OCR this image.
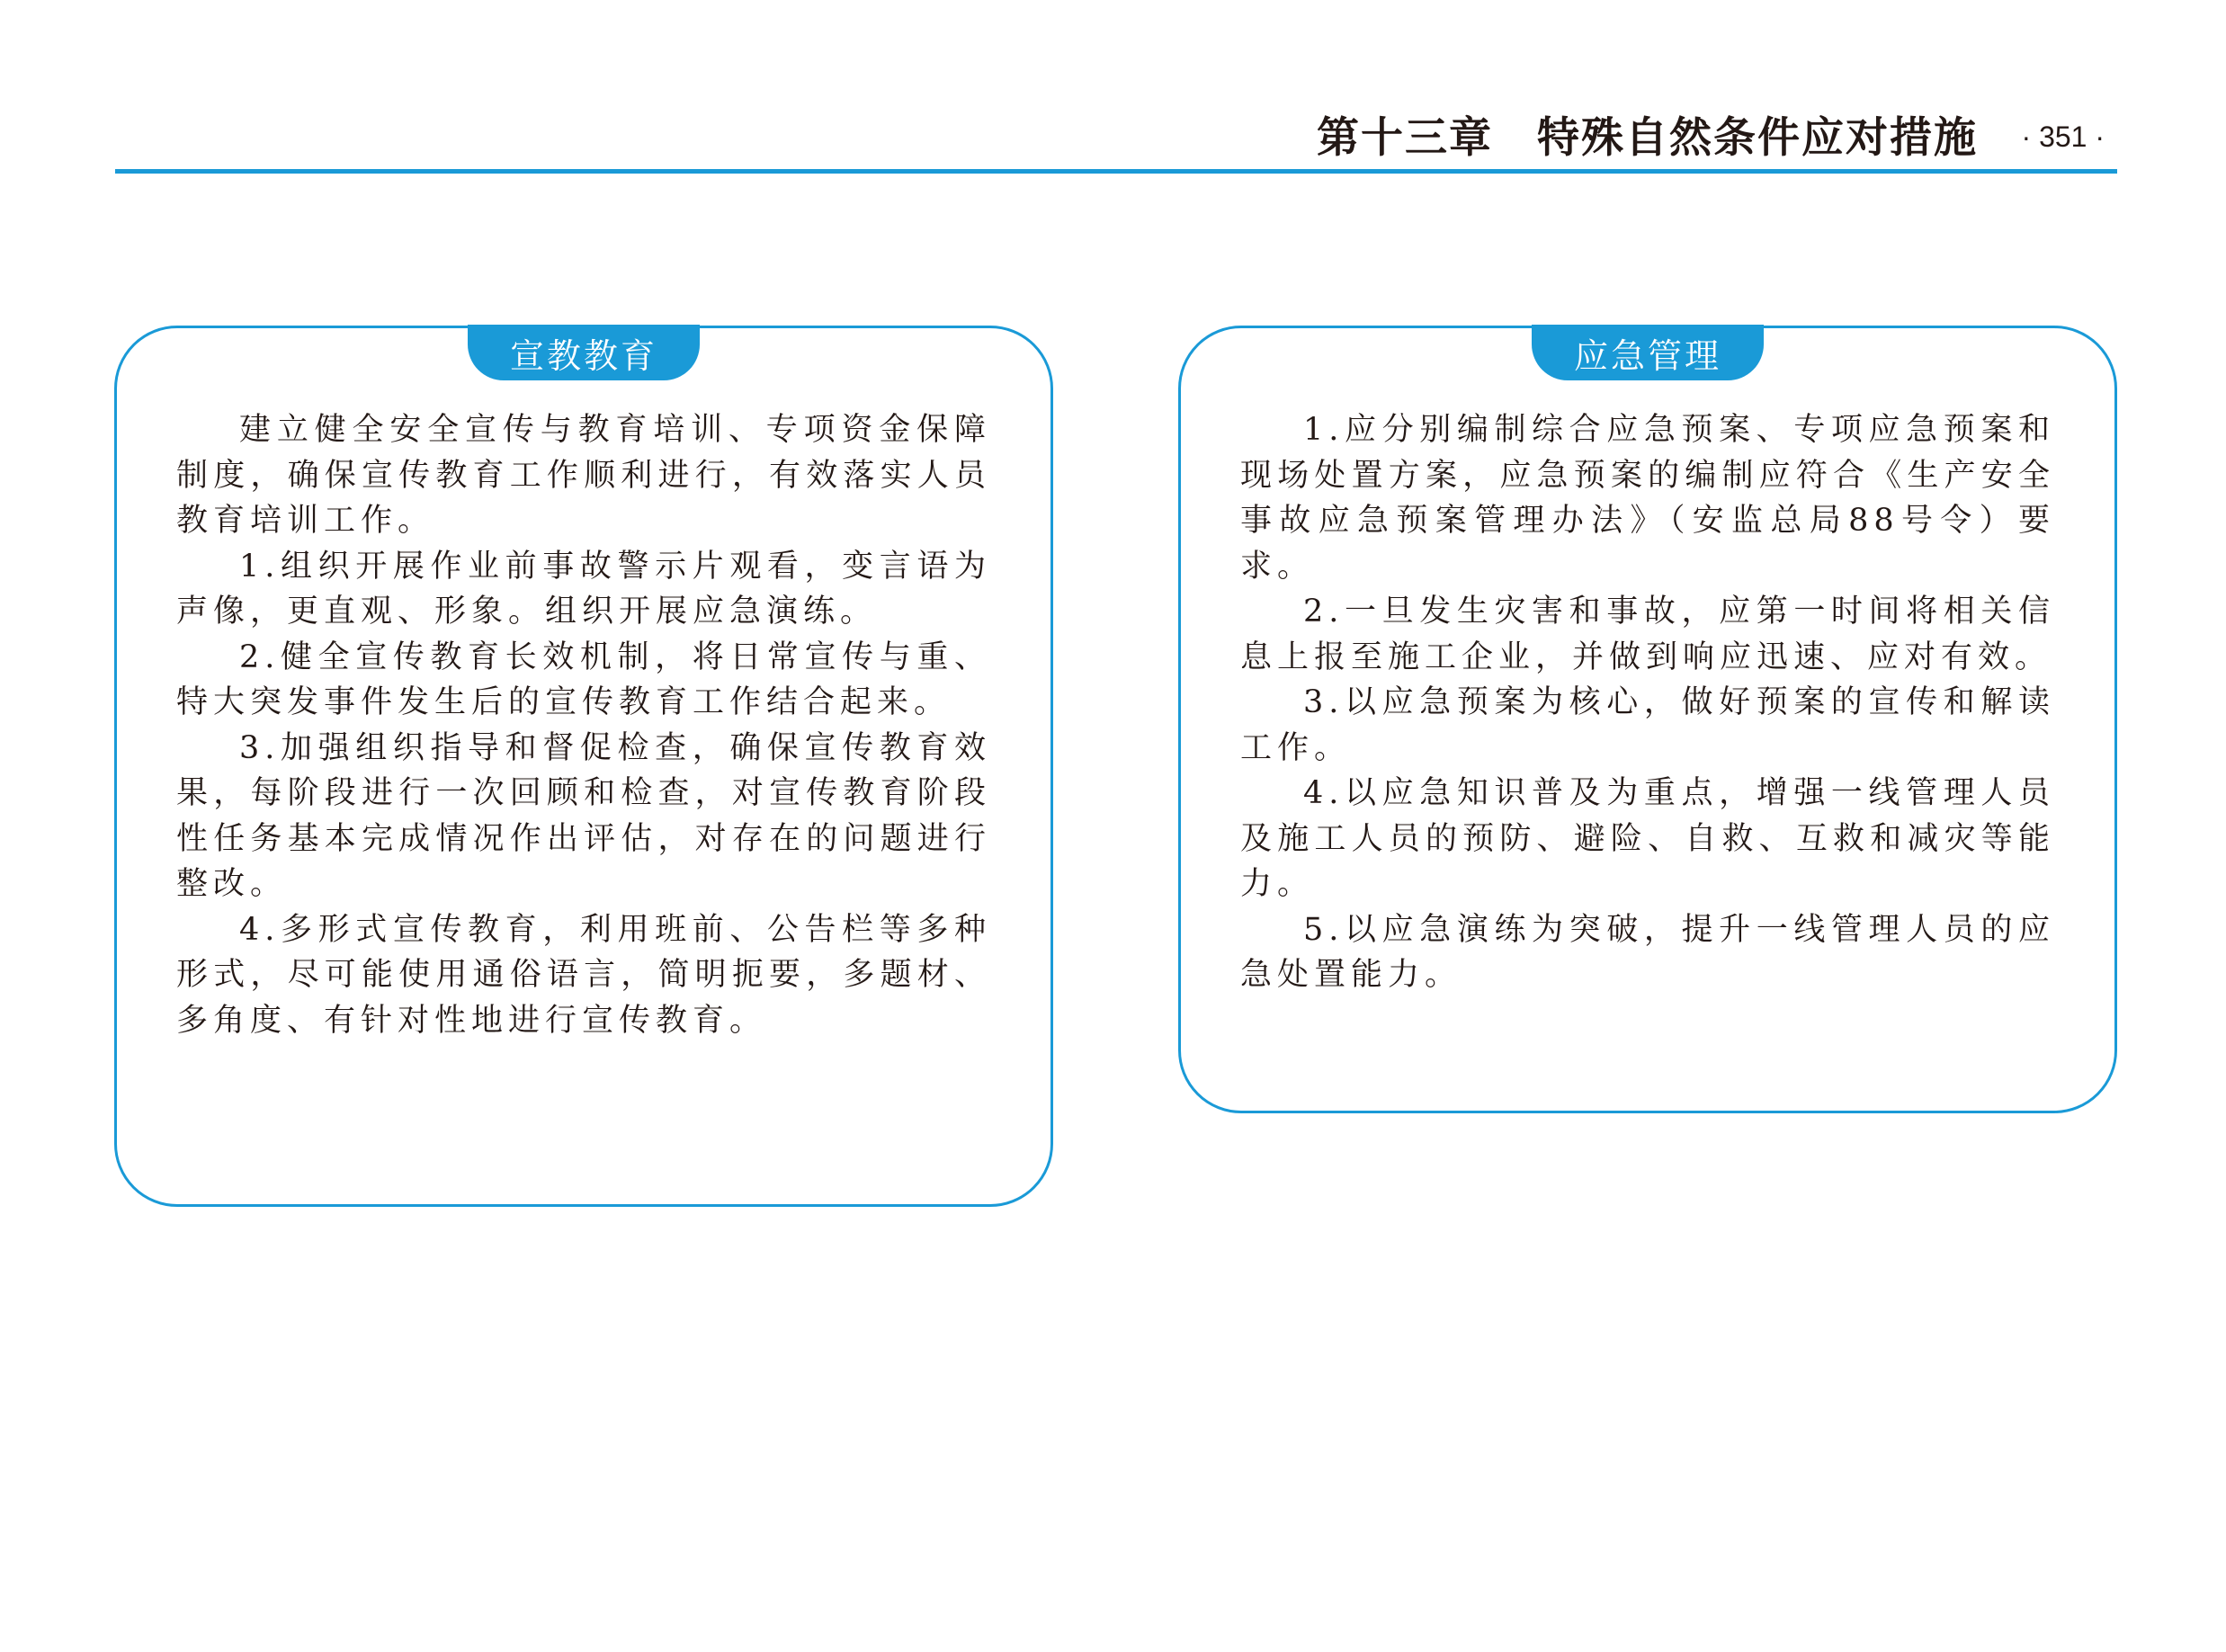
第十三章　特殊自然条件应对措施 · 351 ·
宣教教育

建立健全安全宣传与教育培训、专项资金保障制度，确保宣传教育工作顺利进行，有效落实人员教育培训工作。

1.组织开展作业前事故警示片观看，变言语为声像，更直观、形象。组织开展应急演练。

2.健全宣传教育长效机制，将日常宣传与重、特大突发事件发生后的宣传教育工作结合起来。

3.加强组织指导和督促检查，确保宣传教育效果，每阶段进行一次回顾和检查，对宣传教育阶段性任务基本完成情况作出评估，对存在的问题进行整改。

4.多形式宣传教育，利用班前、公告栏等多种形式，尽可能使用通俗语言，简明扼要，多题材、多角度、有针对性地进行宣传教育。

应急管理

1.应分别编制综合应急预案、专项应急预案和现场处置方案，应急预案的编制应符合《生产安全事故应急预案管理办法》（安监总局88号令）要求。

2.一旦发生灾害和事故，应第一时间将相关信息上报至施工企业，并做到响应迅速、应对有效。

3.以应急预案为核心，做好预案的宣传和解读工作。

4.以应急知识普及为重点，增强一线管理人员及施工人员的预防、避险、自救、互救和减灾等能力。

5.以应急演练为突破，提升一线管理人员的应急处置能力。
